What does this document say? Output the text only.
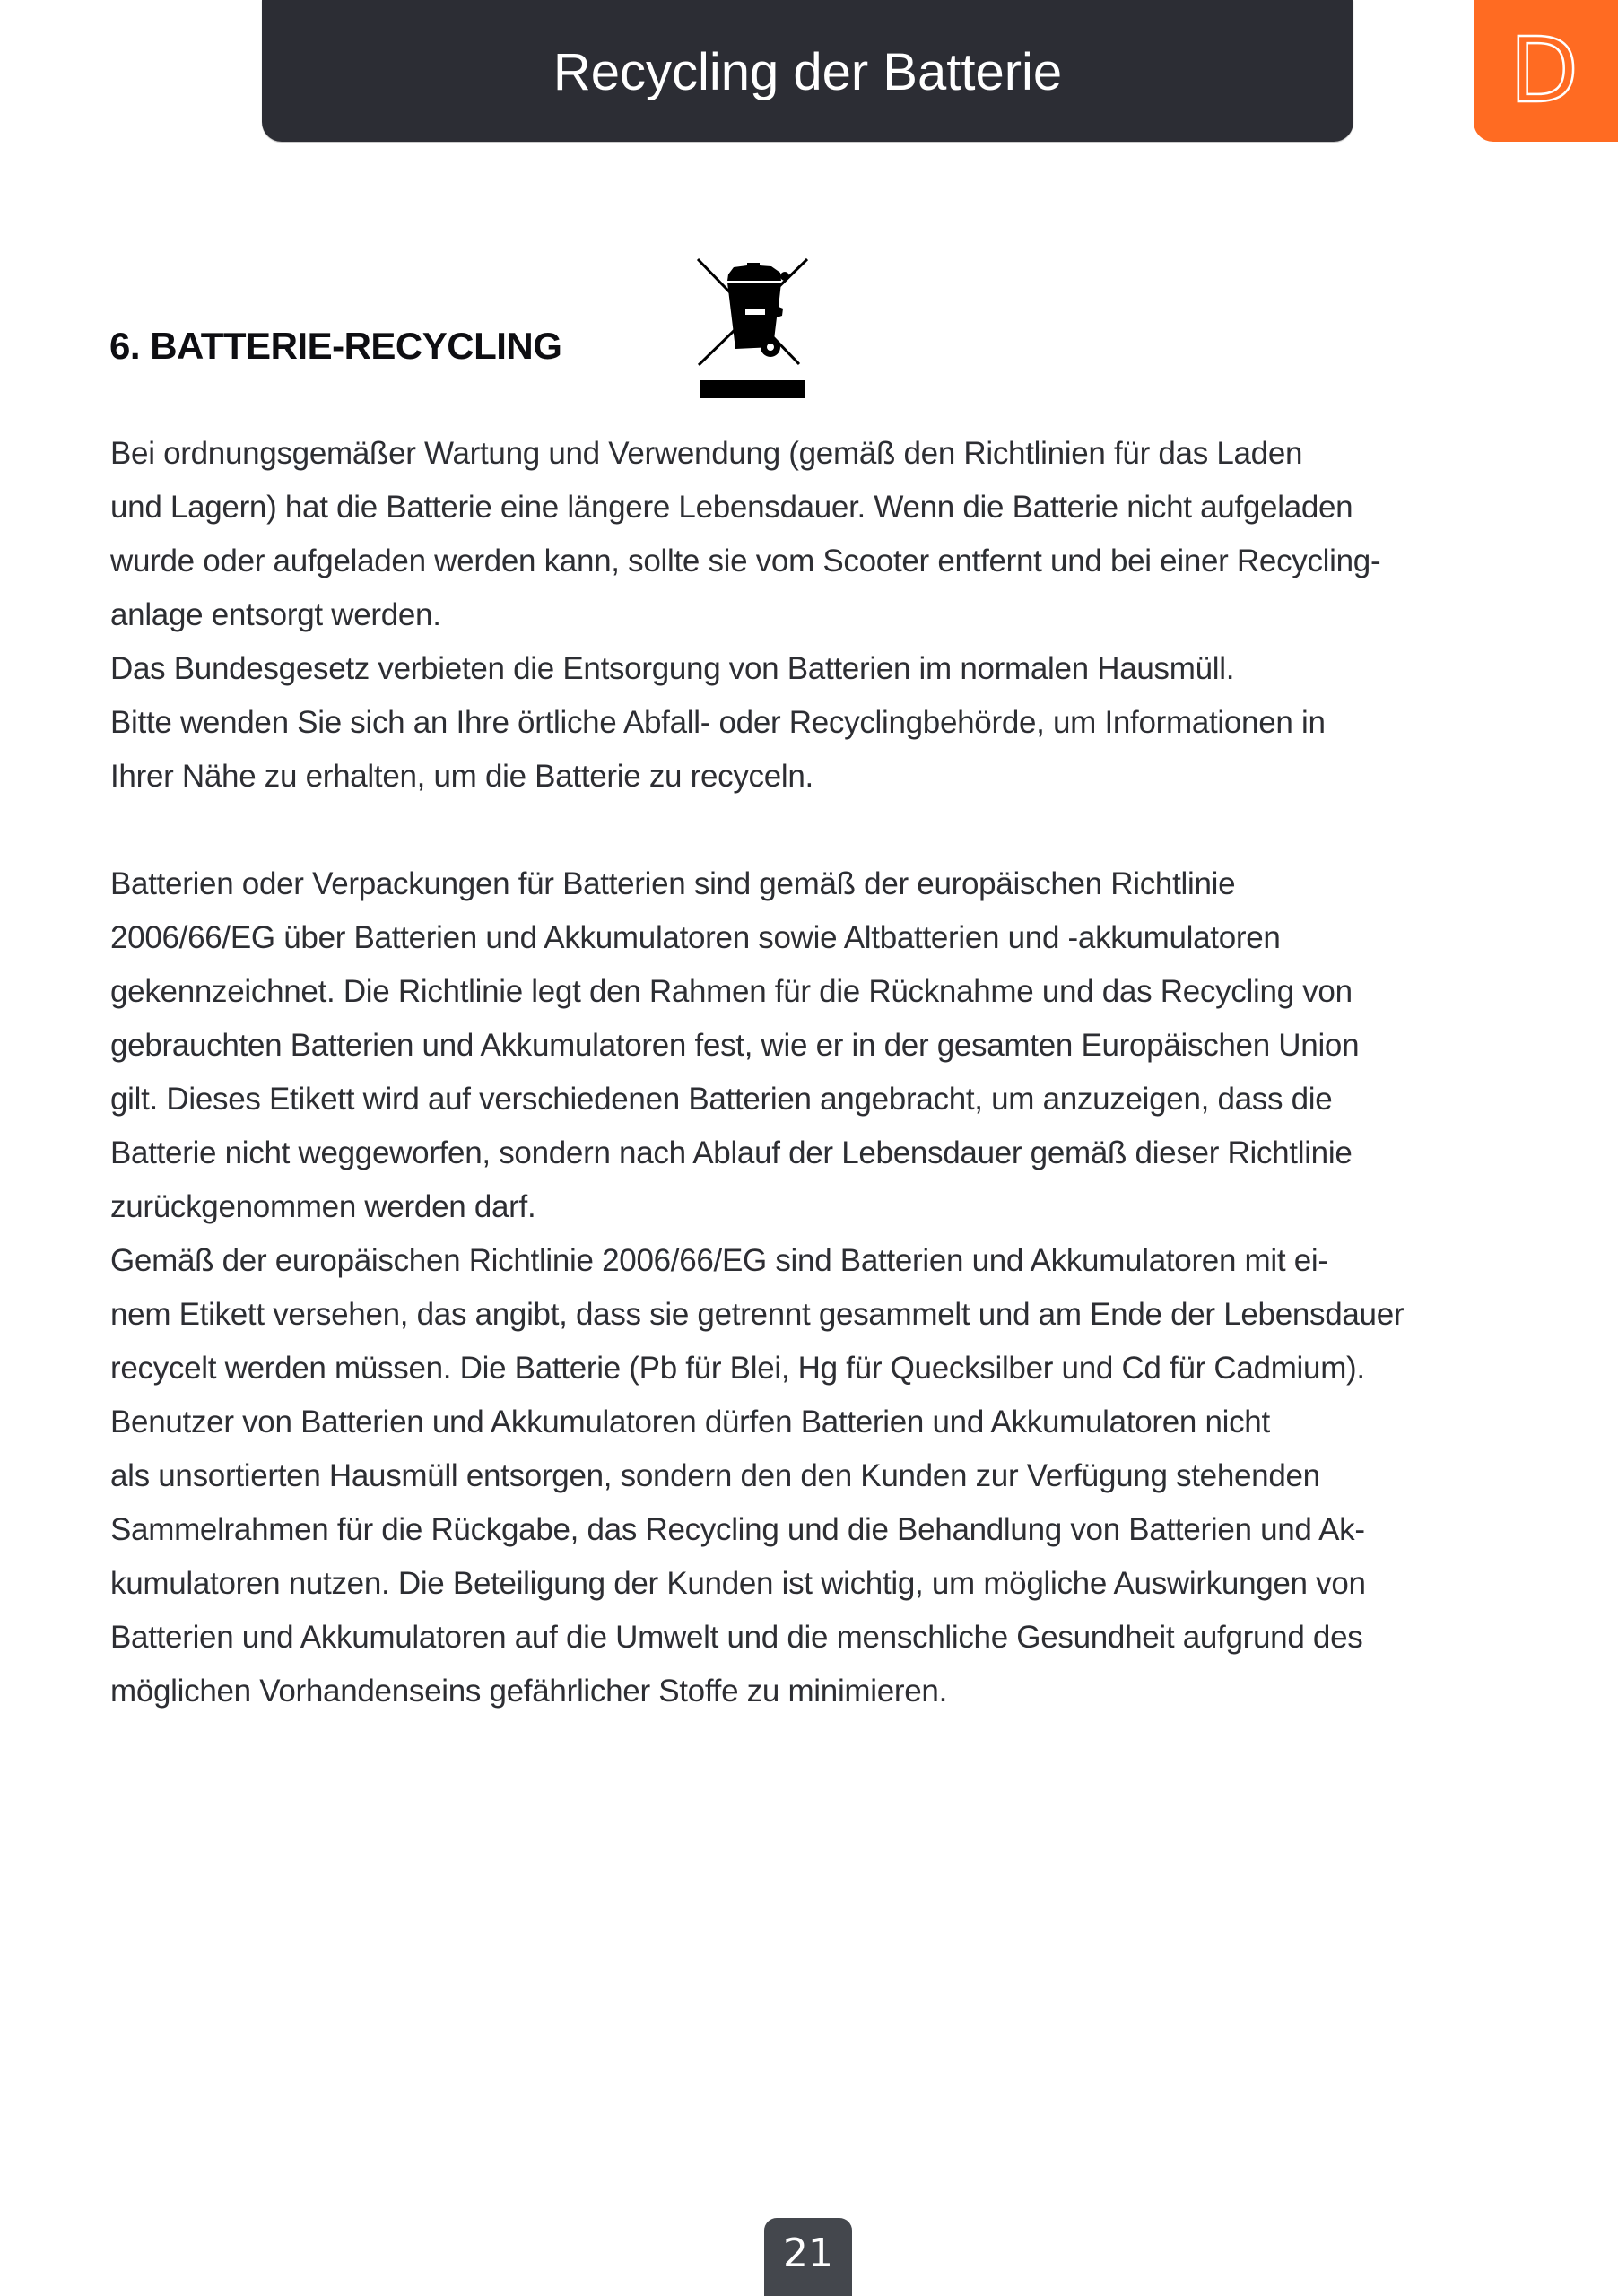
Recycling der Batterie	D
6. BATTERIE-RECYCLING
Bei ordnungsgemäßer Wartung und Verwendung (gemäß den Richtlinien für das Laden
und Lagern) hat die Batterie eine längere Lebensdauer. Wenn die Batterie nicht aufgeladen
wurde oder aufgeladen werden kann, sollte sie vom Scooter entfernt und bei einer Recycling-
anlage entsorgt werden.
Das Bundesgesetz verbieten die Entsorgung von Batterien im normalen Hausmüll.
Bitte wenden Sie sich an Ihre örtliche Abfall- oder Recyclingbehörde, um Informationen in
Ihrer Nähe zu erhalten, um die Batterie zu recyceln.
Batterien oder Verpackungen für Batterien sind gemäß der europäischen Richtlinie
2006/66/EG über Batterien und Akkumulatoren sowie Altbatterien und -akkumulatoren
gekennzeichnet. Die Richtlinie legt den Rahmen für die Rücknahme und das Recycling von
gebrauchten Batterien und Akkumulatoren fest, wie er in der gesamten Europäischen Union
gilt. Dieses Etikett wird auf verschiedenen Batterien angebracht, um anzuzeigen, dass die
Batterie nicht weggeworfen, sondern nach Ablauf der Lebensdauer gemäß dieser Richtlinie
zurückgenommen werden darf.
Gemäß der europäischen Richtlinie 2006/66/EG sind Batterien und Akkumulatoren mit ei-
nem Etikett versehen, das angibt, dass sie getrennt gesammelt und am Ende der Lebensdauer
recycelt werden müssen. Die Batterie (Pb für Blei, Hg für Quecksilber und Cd für Cadmium).
Benutzer von Batterien und Akkumulatoren dürfen Batterien und Akkumulatoren nicht
als unsortierten Hausmüll entsorgen, sondern den den Kunden zur Verfügung stehenden
Sammelrahmen für die Rückgabe, das Recycling und die Behandlung von Batterien und Ak-
kumulatoren nutzen. Die Beteiligung der Kunden ist wichtig, um mögliche Auswirkungen von
Batterien und Akkumulatoren auf die Umwelt und die menschliche Gesundheit aufgrund des
möglichen Vorhandenseins gefährlicher Stoffe zu minimieren.
21
